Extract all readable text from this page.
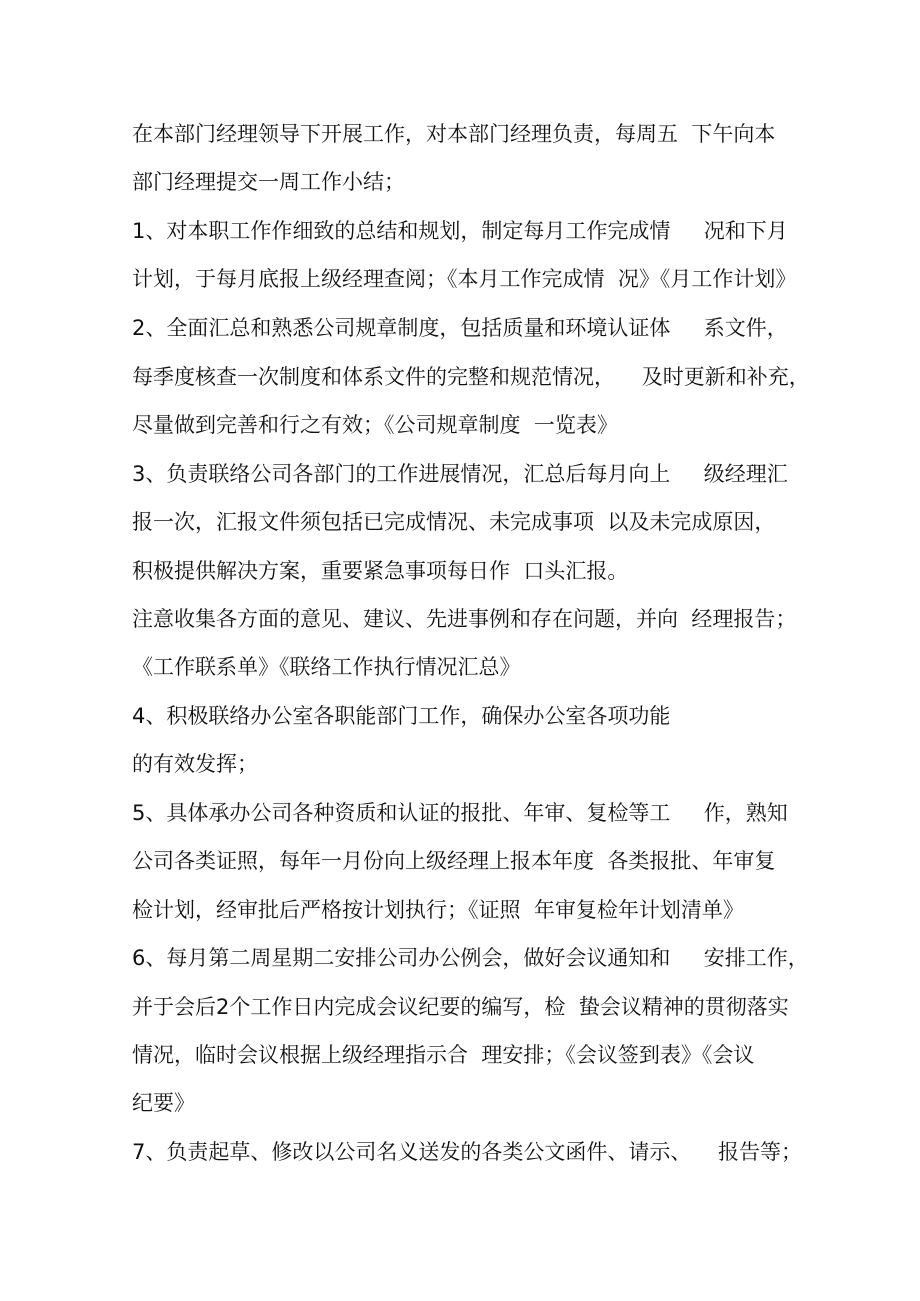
在本部门经理领导下开展工作，对本部门经理负责，每周五  下午向本
部门经理提交一周工作小结；
1、对本职工作作细致的总结和规划，制定每月工作完成情     况和下月
计划，于每月底报上级经理查阅；《本月工作完成情  况》《月工作计划》
2、全面汇总和熟悉公司规章制度，包括质量和环境认证体     系文件，
每季度核查一次制度和体系文件的完整和规范情况，    及时更新和补充，
尽量做到完善和行之有效；《公司规章制度  一览表》
3、负责联络公司各部门的工作进展情况，汇总后每月向上     级经理汇
报一次，汇报文件须包括已完成情况、未完成事项  以及未完成原因，
积极提供解决方案，重要紧急事项每日作  口头汇报。
注意收集各方面的意见、建议、先进事例和存在问题，并向  经理报告；
《工作联系单》《联络工作执行情况汇总》
4、积极联络办公室各职能部门工作，确保办公室各项功能
的有效发挥；
5、具体承办公司各种资质和认证的报批、年审、复检等工     作，熟知
公司各类证照，每年一月份向上级经理上报本年度  各类报批、年审复
检计划，经审批后严格按计划执行；《证照  年审复检年计划清单》
6、每月第二周星期二安排公司办公例会，做好会议通知和     安排工作，
并于会后2个工作日内完成会议纪要的编写，检  蛰会议精神的贯彻落实
情况，临时会议根据上级经理指示合  理安排；《会议签到表》《会议
纪要》
7、负责起草、修改以公司名义送发的各类公文函件、请示、    报告等；
